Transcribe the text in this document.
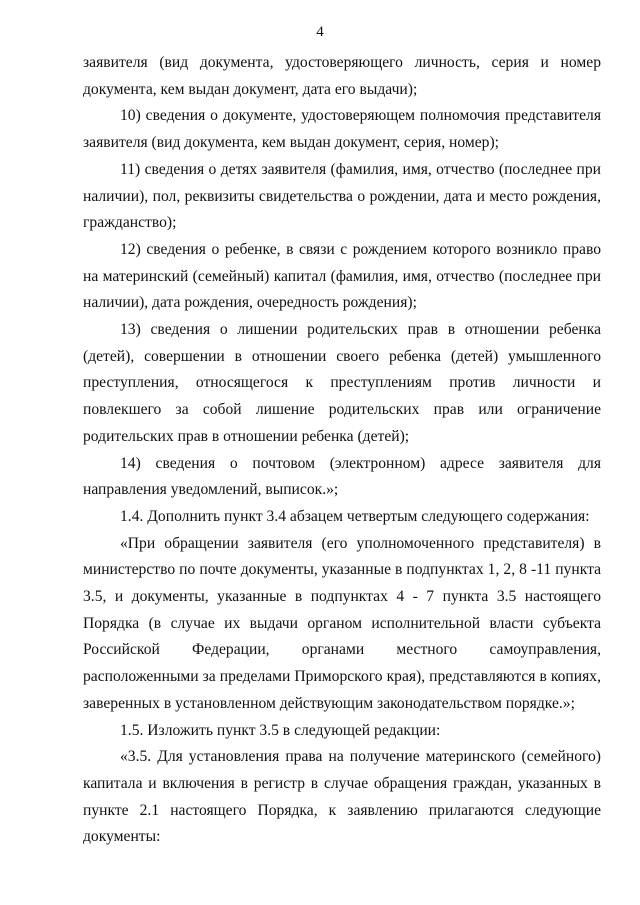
4

заявителя (вид документа, удостоверяющего личность, серия и номер документа, кем выдан документ, дата его выдачи);

10) сведения о документе, удостоверяющем полномочия представителя заявителя (вид документа, кем выдан документ, серия, номер);

11) сведения о детях заявителя (фамилия, имя, отчество (последнее при наличии), пол, реквизиты свидетельства о рождении, дата и место рождения, гражданство);

12) сведения о ребенке, в связи с рождением которого возникло право на материнский (семейный) капитал (фамилия, имя, отчество (последнее при наличии), дата рождения, очередность рождения);

13) сведения о лишении родительских прав в отношении ребенка (детей), совершении в отношении своего ребенка (детей) умышленного преступления, относящегося к преступлениям против личности и повлекшего за собой лишение родительских прав или ограничение родительских прав в отношении ребенка (детей);

14) сведения о почтовом (электронном) адресе заявителя для направления уведомлений, выписок.»;

1.4. Дополнить пункт 3.4 абзацем четвертым следующего содержания:

«При обращении заявителя (его уполномоченного представителя) в министерство по почте документы, указанные в подпунктах 1, 2, 8 -11 пункта 3.5, и документы, указанные в подпунктах 4 - 7 пункта 3.5 настоящего Порядка (в случае их выдачи органом исполнительной власти субъекта Российской Федерации, органами местного самоуправления, расположенными за пределами Приморского края), представляются в копиях, заверенных в установленном действующим законодательством порядке.»;

1.5. Изложить пункт 3.5 в следующей редакции:

«3.5. Для установления права на получение материнского (семейного) капитала и включения в регистр в случае обращения граждан, указанных в пункте 2.1 настоящего Порядка, к заявлению прилагаются следующие документы:
